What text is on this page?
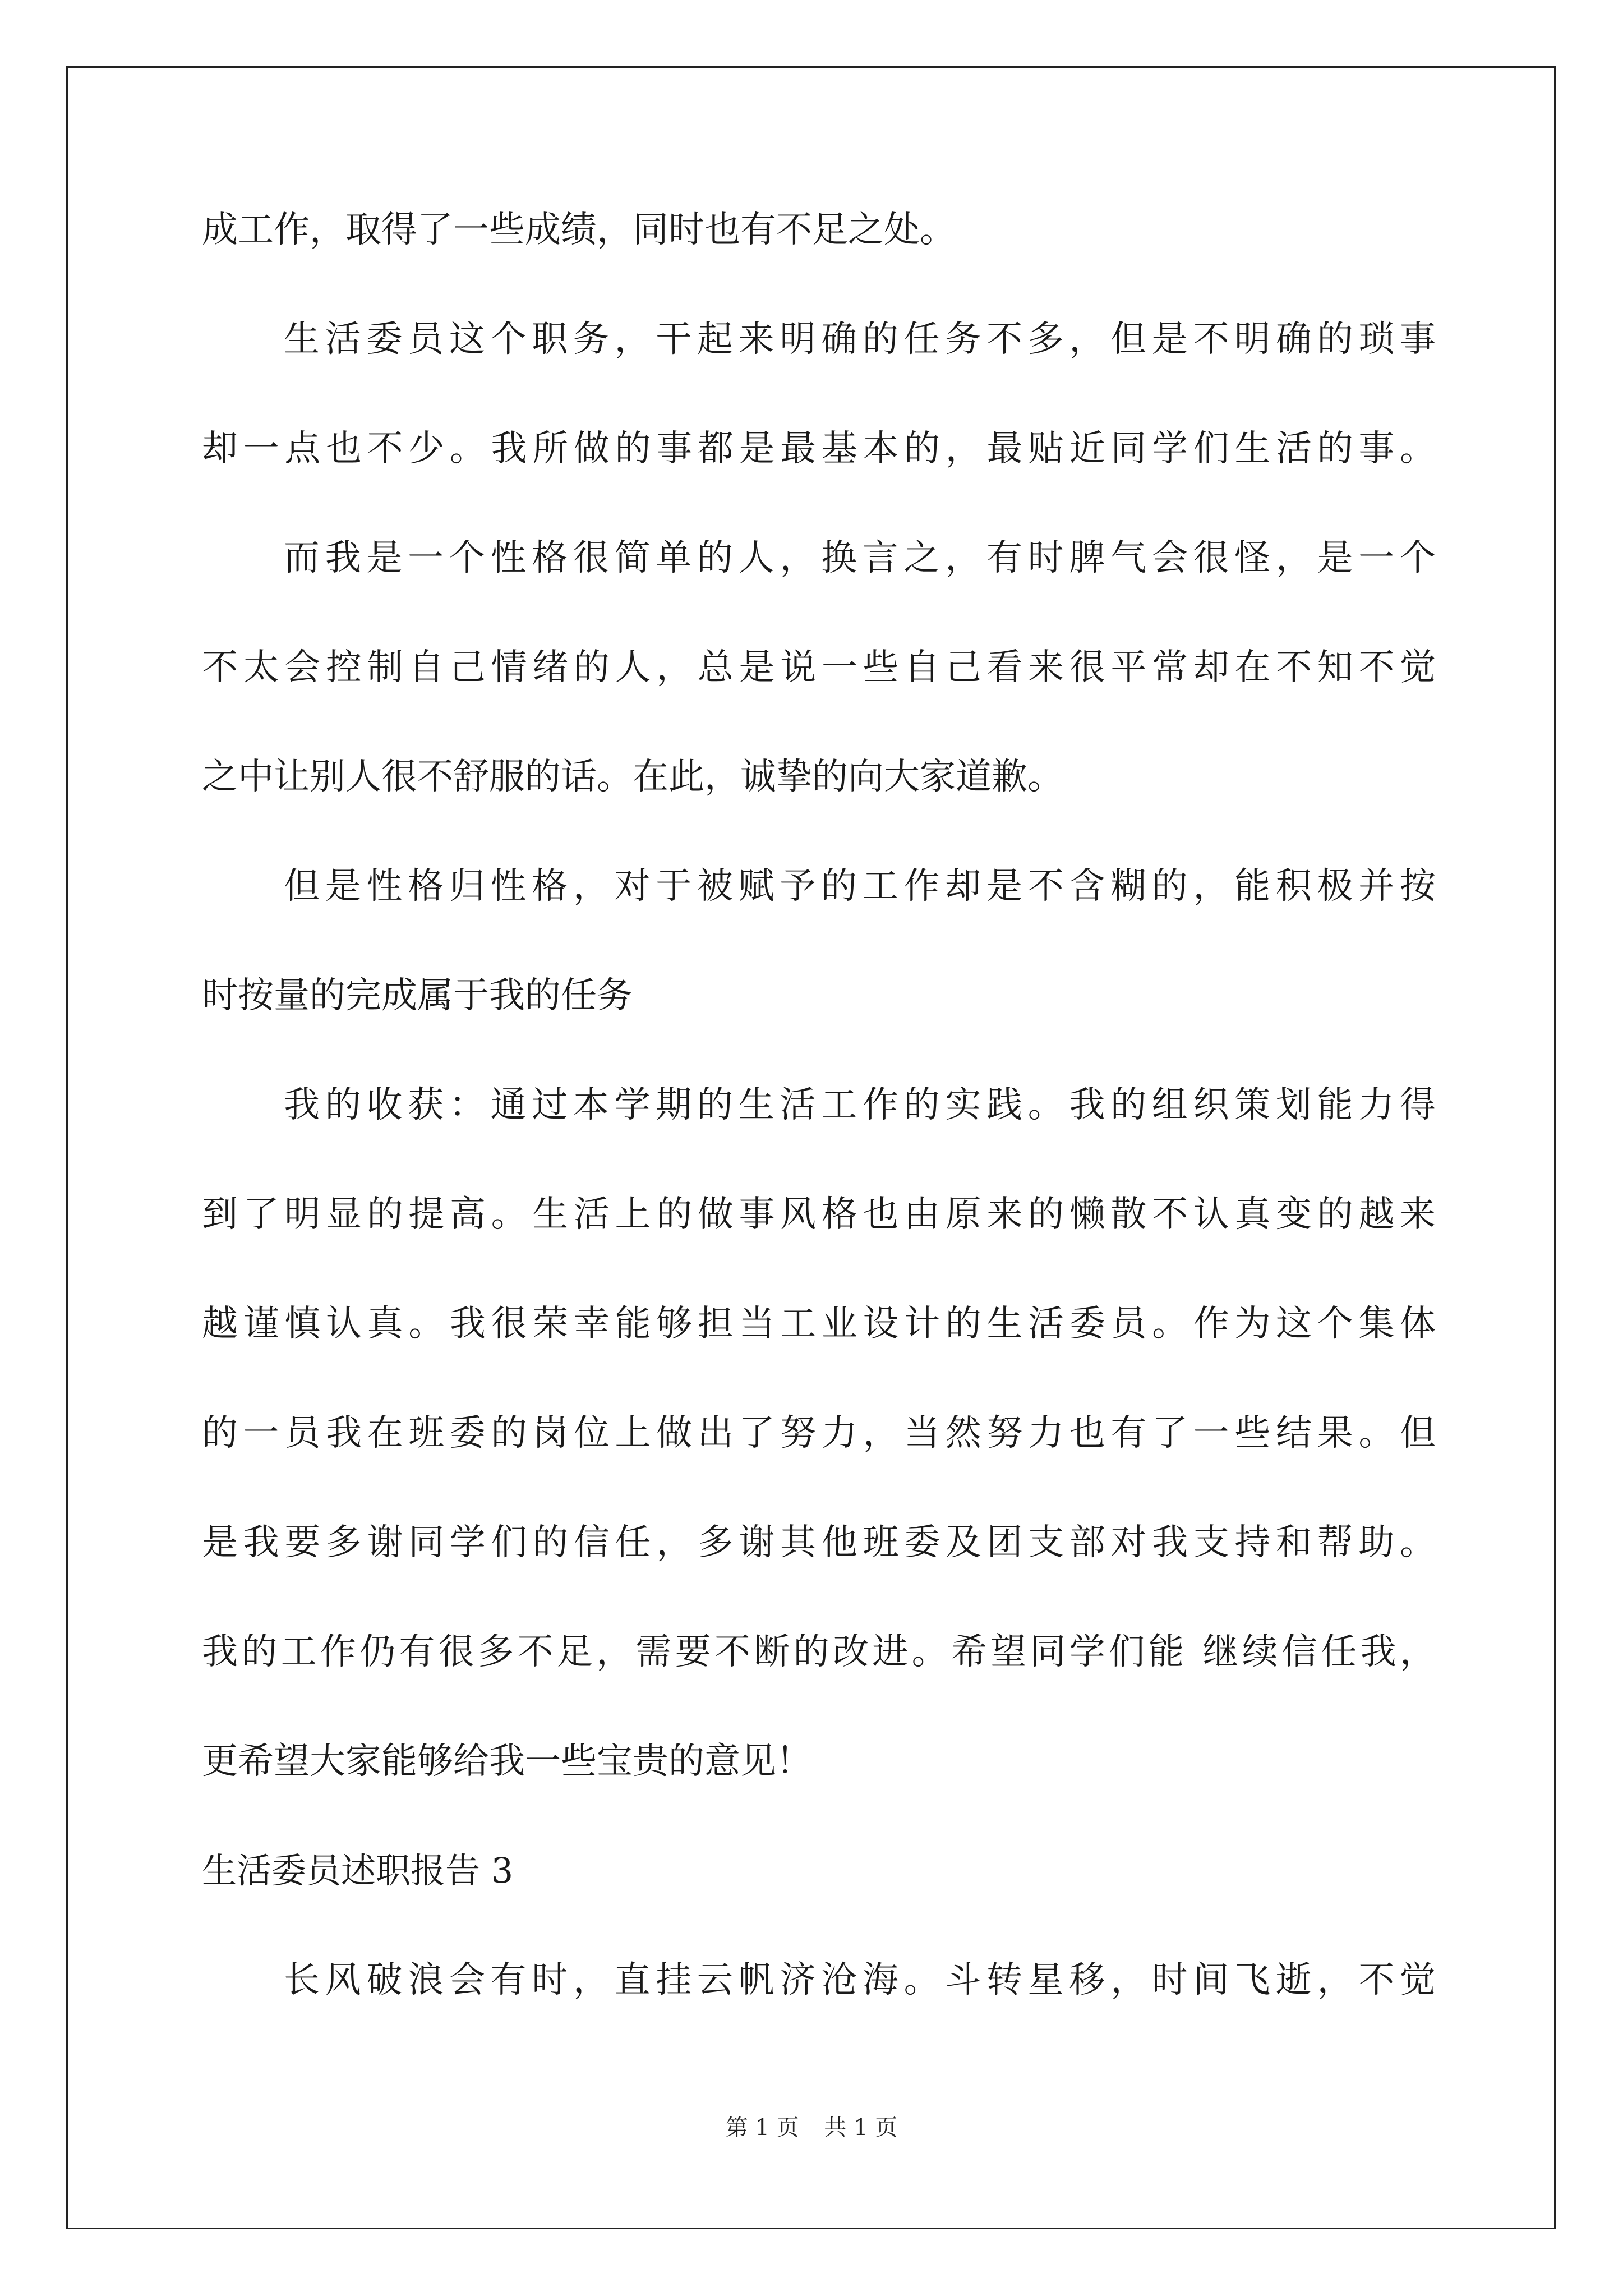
成工作，取得了一些成绩，同时也有不足之处。
生活委员这个职务，干起来明确的任务不多，但是不明确的琐事
却一点也不少。我所做的事都是最基本的，最贴近同学们生活的事。
而我是一个性格很简单的人，换言之，有时脾气会很怪，是一个
不太会控制自己情绪的人，总是说一些自己看来很平常却在不知不觉
之中让别人很不舒服的话。在此，诚挚的向大家道歉。
但是性格归性格，对于被赋予的工作却是不含糊的，能积极并按
时按量的完成属于我的任务
我的收获：通过本学期的生活工作的实践。我的组织策划能力得
到了明显的提高。生活上的做事风格也由原来的懒散不认真变的越来
越谨慎认真。我很荣幸能够担当工业设计的生活委员。作为这个集体
的一员我在班委的岗位上做出了努力，当然努力也有了一些结果。但
是我要多谢同学们的信任，多谢其他班委及团支部对我支持和帮助。
我的工作仍有很多不足，需要不断的改进。希望同学们能 继续信任我，
更希望大家能够给我一些宝贵的意见！
生活委员述职报告 3
长风破浪会有时，直挂云帆济沧海。斗转星移，时间飞逝，不觉
第 1 页 共 1 页
